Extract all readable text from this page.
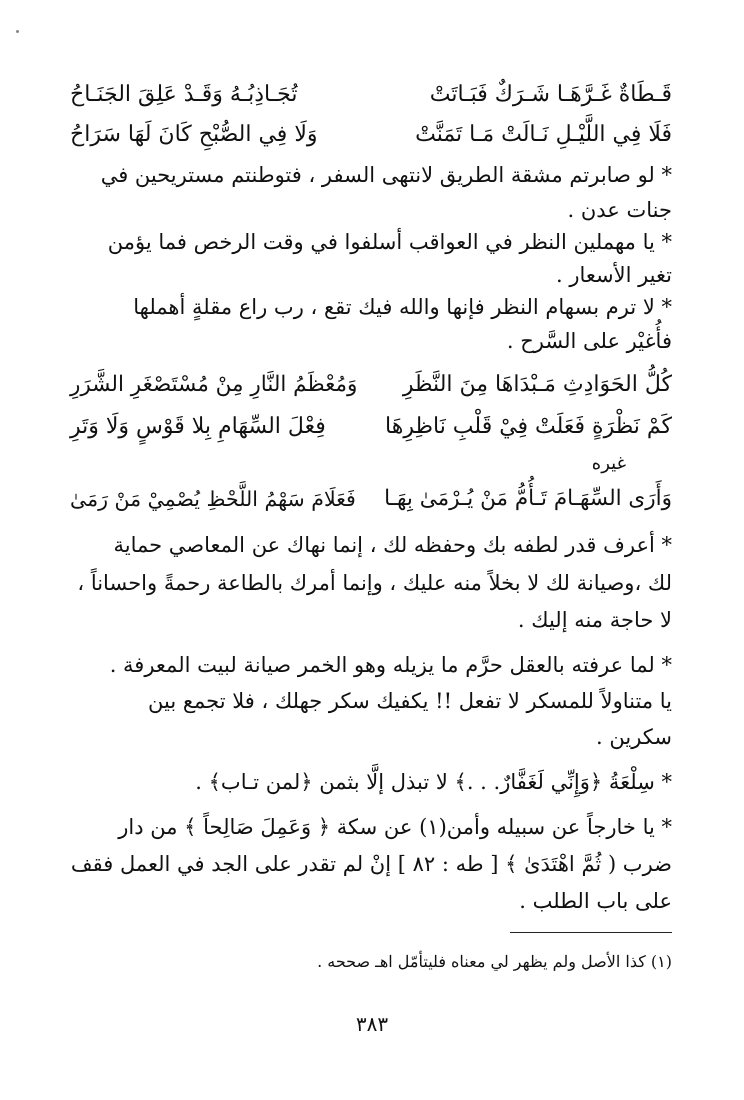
قَـطَاةٌ غَـرَّهَـا شَـرَكٌ فَبَـاتَتْ
تُجَـاذِبُـهُ وَقَـدْ عَلِقَ الجَنَـاحُ
فَلَا فِي اللَّيْـلِ نَـالَتْ مَـا تَمَنَّتْ
وَلَا فِي الصُّبْحِ كَانَ لَهَا سَرَاحُ
* لو صابرتم مشقة الطريق لانتهى السفر ، فتوطنتم مستريحين في
جنات عدن .
* يا مهملين النظر في العواقب أسلفوا في وقت الرخص فما يؤمن
تغير الأسعار .
* لا ترم بسهام النظر فإنها والله فيك تقع ، رب راع مقلةٍ أهملها
فأُغيْر على السَّرح .
كُلُّ الحَوَادِثِ مَـبْدَاهَا مِنَ النَّظَرِ
وَمُعْظَمُ النَّارِ مِنْ مُسْتَصْغَرِ الشَّرَرِ
كَمْ نَظْرَةٍ فَعَلَتْ فِيْ قَلْبِ نَاظِرِهَا
فِعْلَ السِّهَامِ بِلا قَوْسٍ وَلَا وَتَرِ
غيره
وَأَرَى السِّهَـامَ تَـأُمُّ مَنْ يُـرْمَىٰ بِهَـا
فَعَلَامَ سَهْمُ اللَّحْظِ يُصْمِيْ مَنْ رَمَىٰ
* أعرف قدر لطفه بك وحفظه لك ، إنما نهاك عن المعاصي حماية
لك ،وصيانة لك لا بخلاً منه عليك ، وإنما أمرك بالطاعة رحمةً واحساناً ،
لا حاجة منه إليك .
* لما عرفته بالعقل حرَّم ما يزيله وهو الخمر صيانة لبيت المعرفة .
يا متناولاً للمسكر لا تفعل !! يكفيك سكر جهلك ، فلا تجمع بين
سكرين .
* سِلْعَةُ ﴿وَإِنِّي لَغَفَّارٌ. . .﴾ لا تبذل إلَّا بثمن ﴿لمن تـاب﴾ .
* يا خارجاً عن سبيله وأمن(١) عن سكة ﴿ وَعَمِلَ صَالِحاً ﴾ من دار
ضرب ( ثُمَّ اهْتَدَىٰ ﴾ [ طه : ٨٢ ] إنْ لم تقدر على الجد في العمل فقف
على باب الطلب .
(١) كذا الأصل ولم يظهر لي معناه فليتأمّل اهـ صححه .
٣٨٣
